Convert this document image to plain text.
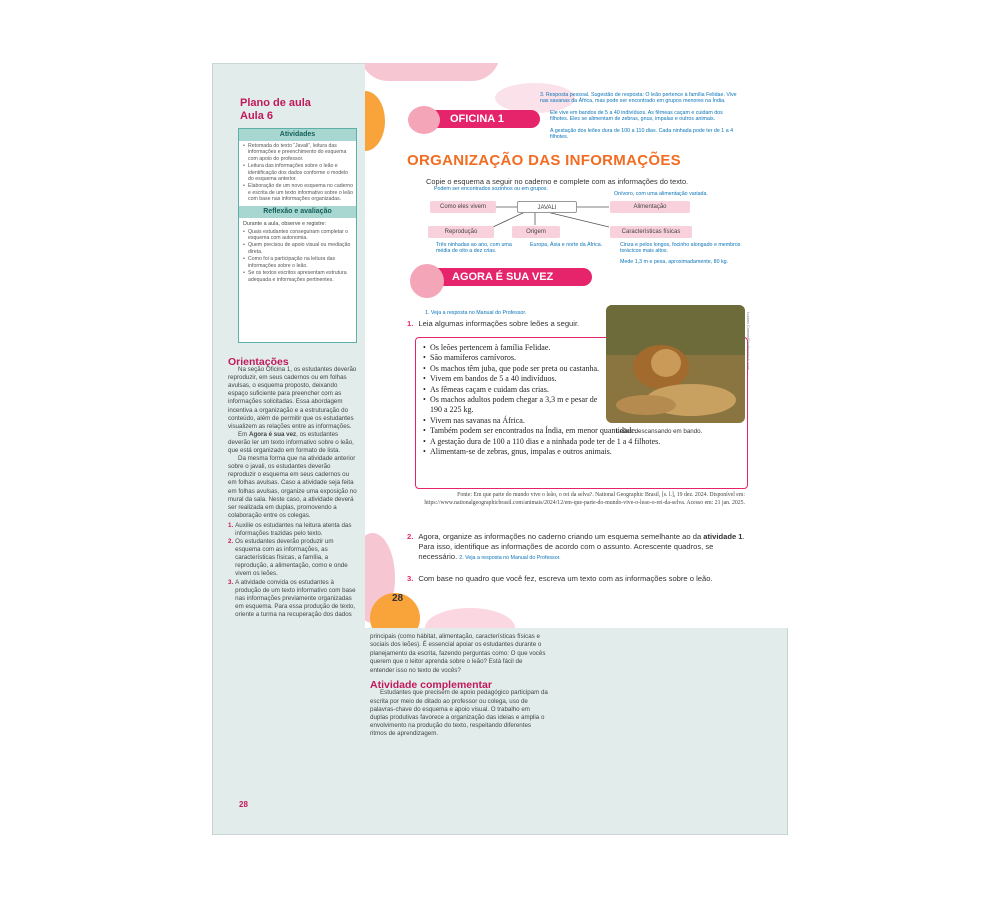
Plano de aula
Aula 6
Atividades
• Retomada do texto “Javali”, leitura das informações e preenchimento do esquema com apoio do professor.
• Leitura das informações sobre o leão e identificação dos dados conforme o modelo do esquema anterior.
• Elaboração de um novo esquema no caderno e escrita de um texto informativo sobre o leão com base nas informações organizadas.
Reflexão e avaliação
Durante a aula, observe e registre:
• Quais estudantes conseguiram completar o esquema com autonomia.
• Quem precisou de apoio visual ou mediação direta.
• Como foi a participação na leitura das informações sobre o leão.
• Se os textos escritos apresentam estrutura adequada e informações pertinentes.
Orientações

Na seção Oficina 1, os estudantes deverão reproduzir, em seus cadernos ou em folhas avulsas, o esquema proposto, deixando espaço suficiente para preencher com as informações solicitadas. Essa abordagem incentiva a organização e a estruturação do conteúdo, além de permitir que os estudantes visualizem as relações entre as informações.

Em Agora é sua vez, os estudantes deverão ler um texto informativo sobre o leão, que está organizado em formato de lista.

Da mesma forma que na atividade anterior sobre o javali, os estudantes deverão reproduzir o esquema em seus cadernos ou em folhas avulsas. Caso a atividade seja feita em folhas avulsas, organize uma exposição no mural da sala. Neste caso, a atividade deverá ser realizada em duplas, promovendo a colaboração entre os colegas.

1. Auxilie os estudantes na leitura atenta das informações trazidas pelo texto.
2. Os estudantes deverão produzir um esquema com as informações, as características físicas, a família, a reprodução, a alimentação, como e onde vivem os leões.
3. A atividade convida os estudantes à produção de um texto informativo com base nas informações previamente organizadas em esquema. Para essa produção de texto, oriente a turma na recuperação dos dados
principais (como hábitat, alimentação, características físicas e sociais dos leões). É essencial apoiar os estudantes durante o planejamento da escrita, fazendo perguntas como: O que vocês querem que o leitor aprenda sobre o leão? Está fácil de entender isso no texto de vocês?
Atividade complementar

Estudantes que precisem de apoio pedagógico participam da escrita por meio de ditado ao professor ou colega, uso de palavras-chave do esquema e apoio visual. O trabalho em duplas produtivas favorece a organização das ideias e amplia o envolvimento na produção do texto, respeitando diferentes ritmos de aprendizagem.

28
3. Resposta pessoal. Sugestão de resposta: O leão pertence à família Felidae. Vive nas savanas da África, mas pode ser encontrado em grupos menores na Índia.
Ele vive em bandos de 5 a 40 indivíduos. As fêmeas caçam e cuidam dos filhotes. Eles se alimentam de zebras, gnus, impalas e outros animais.
A gestação dos leões dura de 100 a 110 dias. Cada ninhada pode ter de 1 a 4 filhotes.
OFICINA 1
ORGANIZAÇÃO DAS INFORMAÇÕES
Copie o esquema a seguir no caderno e complete com as informações do texto.
Podem ser encontrados sozinhos ou em grupos.
Onívoro, com uma alimentação variada.
Como eles vivem	JAVALI	Alimentação
Reprodução	Origem	Características físicas
Três ninhadas ao ano, com uma média de oito a dez crias.
Europa, Ásia e norte da África.	Cinza e pelos longos, focinho alongado e membros torácicos mais altos.
Mede 1,3 m e pesa, aproximadamente, 80 kg.
AGORA É SUA VEZ
1. Veja a resposta no Manual do Professor.
1. Leia algumas informações sobre leões a seguir.
• Os leões pertencem à família Felidae.
• São mamíferos carnívoros.
• Os machos têm juba, que pode ser preta ou castanha.
• Vivem em bandos de 5 a 40 indivíduos.
• As fêmeas caçam e cuidam das crias.
• Os machos adultos podem chegar a 3,3 m e pesar de 190 a 225 kg.
• Vivem nas savanas na África.
• Também podem ser encontrados na Índia, em menor quantidade.
• A gestação dura de 100 a 110 dias e a ninhada pode ter de 1 a 4 filhotes.
• Alimentam-se de zebras, gnus, impalas e outros animais.
Lucian Coman/Shutterstock.com
Leões descansando em bando.
Fonte: Em que parte do mundo vive o leão, o rei da selva?. National Geographic Brasil, [s. l.], 19 dez. 2024. Disponível em: https://www.nationalgeographicbrasil.com/animais/2024/12/em-que-parte-do-mundo-vive-o-leao-o-rei-da-selva. Acesso em: 21 jan. 2025.
2. Agora, organize as informações no caderno criando um esquema semelhante ao da atividade 1. Para isso, identifique as informações de acordo com o assunto. Acrescente quadros, se necessário. 2. Veja a resposta no Manual do Professor.
3. Com base no quadro que você fez, escreva um texto com as informações sobre o leão.
28
